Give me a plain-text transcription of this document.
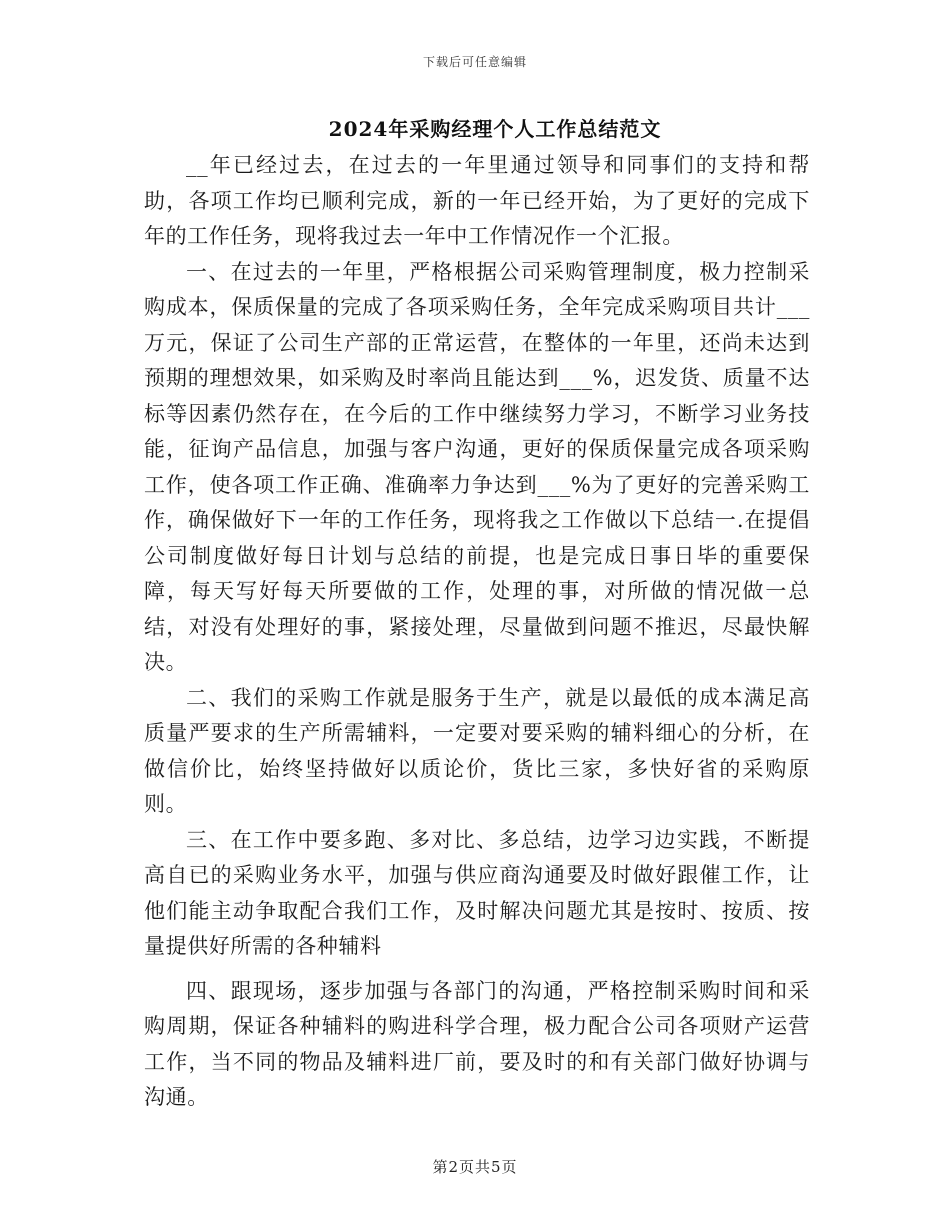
下载后可任意编辑
2024年采购经理个人工作总结范文

__年已经过去，在过去的一年里通过领导和同事们的支持和帮助，各项工作均已顺利完成，新的一年已经开始，为了更好的完成下年的工作任务，现将我过去一年中工作情况作一个汇报。

一、在过去的一年里，严格根据公司采购管理制度，极力控制采购成本，保质保量的完成了各项采购任务，全年完成采购项目共计___万元，保证了公司生产部的正常运营，在整体的一年里，还尚未达到预期的理想效果，如采购及时率尚且能达到___%，迟发货、质量不达标等因素仍然存在，在今后的工作中继续努力学习，不断学习业务技能，征询产品信息，加强与客户沟通，更好的保质保量完成各项采购工作，使各项工作正确、准确率力争达到___%为了更好的完善采购工作，确保做好下一年的工作任务，现将我之工作做以下总结一.在提倡公司制度做好每日计划与总结的前提，也是完成日事日毕的重要保障，每天写好每天所要做的工作，处理的事，对所做的情况做一总结，对没有处理好的事，紧接处理，尽量做到问题不推迟，尽最快解决。

二、我们的采购工作就是服务于生产，就是以最低的成本满足高质量严要求的生产所需辅料，一定要对要采购的辅料细心的分析，在做信价比，始终坚持做好以质论价，货比三家，多快好省的采购原则。

三、在工作中要多跑、多对比、多总结，边学习边实践，不断提高自已的采购业务水平，加强与供应商沟通要及时做好跟催工作，让他们能主动争取配合我们工作，及时解决问题尤其是按时、按质、按量提供好所需的各种辅料

四、跟现场，逐步加强与各部门的沟通，严格控制采购时间和采购周期，保证各种辅料的购进科学合理，极力配合公司各项财产运营工作，当不同的物品及辅料进厂前，要及时的和有关部门做好协调与沟通。

第2页共5页
